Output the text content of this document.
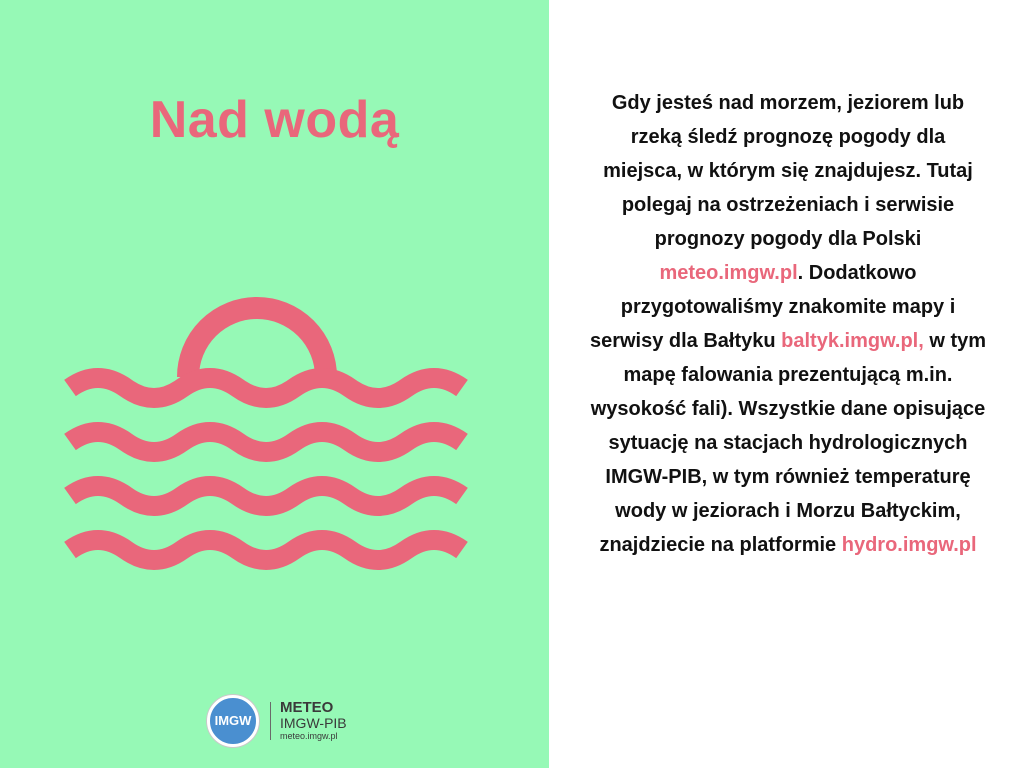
Nad wodą
IMGW
METEO
IMGW-PIB
meteo.imgw.pl

Gdy jesteś nad morzem, jeziorem lub rzeką śledź prognozę pogody dla miejsca, w którym się znajdujesz. Tutaj polegaj na ostrzeżeniach i serwisie prognozy pogody dla Polski meteo.imgw.pl. Dodatkowo przygotowaliśmy znakomite mapy i serwisy dla Bałtyku baltyk.imgw.pl, w tym mapę falowania prezentującą m.in. wysokość fali). Wszystkie dane opisujące sytuację na stacjach hydrologicznych IMGW-PIB, w tym również temperaturę wody w jeziorach i Morzu Bałtyckim, znajdziecie na platformie hydro.imgw.pl
